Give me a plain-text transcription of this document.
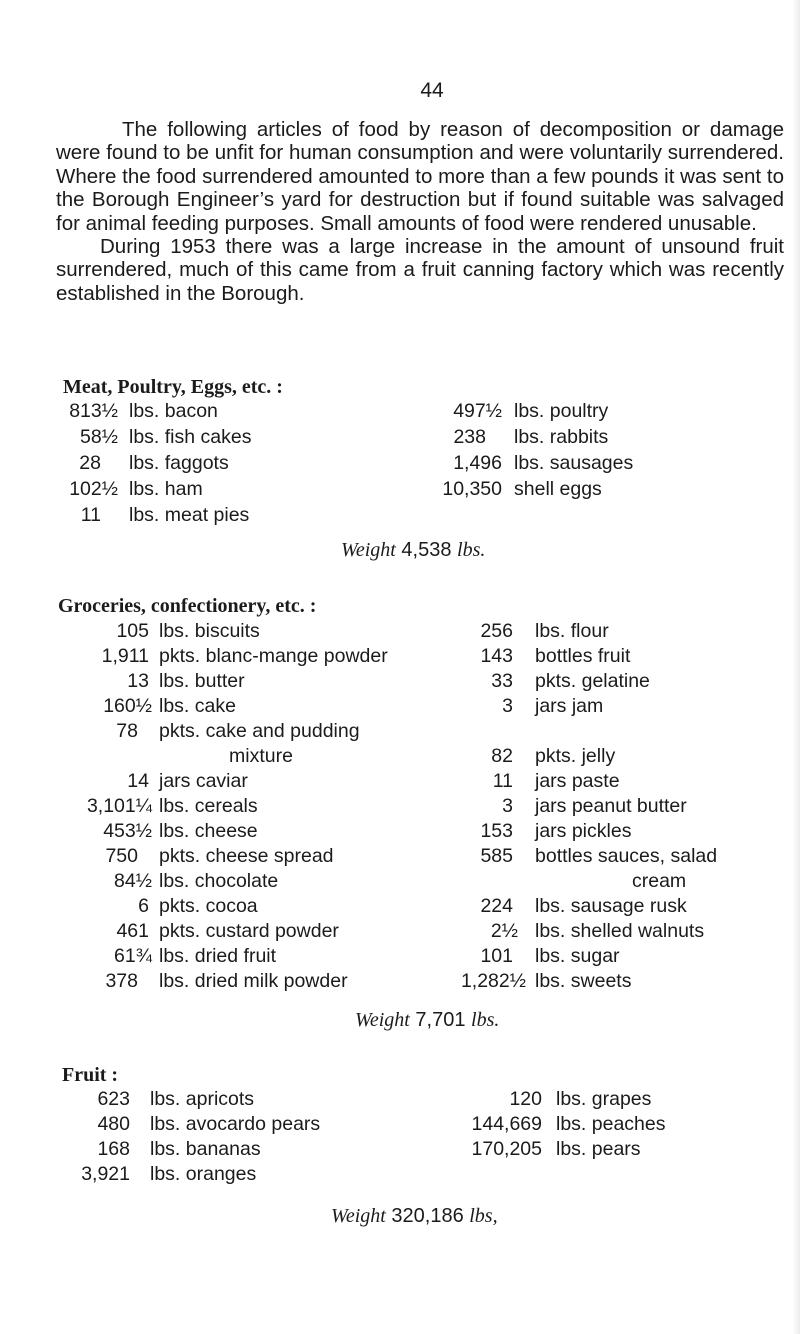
44

The following articles of food by reason of decomposition or damage were found to be unfit for human consumption and were voluntarily surrendered. Where the food surrendered amounted to more than a few pounds it was sent to the Borough Engineer’s yard for destruction but if found suitable was salvaged for animal feeding purposes. Small amounts of food were rendered unusable.

During 1953 there was a large increase in the amount of unsound fruit surrendered, much of this came from a fruit canning factory which was recently established in the Borough.

Meat, Poultry, Eggs, etc. :
813½ lbs. bacon
58½ lbs. fish cakes
28 lbs. faggots
102½ lbs. ham
11 lbs. meat pies
497½ lbs. poultry
238 lbs. rabbits
1,496 lbs. sausages
10,350 shell eggs
Weight 4,538 lbs.
Groceries, confectionery, etc. :
105 lbs. biscuits
1,911 pkts. blanc-mange powder
13 lbs. butter
160½ lbs. cake
78 pkts. cake and pudding
mixture
14 jars caviar
3,101¼ lbs. cereals
453½ lbs. cheese
750 pkts. cheese spread
84½ lbs. chocolate
6 pkts. cocoa
461 pkts. custard powder
61¾ lbs. dried fruit
378 lbs. dried milk powder
256 lbs. flour
143 bottles fruit
33 pkts. gelatine
3 jars jam
82 pkts. jelly
11 jars paste
3 jars peanut butter
153 jars pickles
585 bottles sauces, salad
cream
224 lbs. sausage rusk
2½ lbs. shelled walnuts
101 lbs. sugar
1,282½ lbs. sweets
Weight 7,701 lbs.
Fruit :
623 lbs. apricots
480 lbs. avocardo pears
168 lbs. bananas
3,921 lbs. oranges
120 lbs. grapes
144,669 lbs. peaches
170,205 lbs. pears
Weight 320,186 lbs,
